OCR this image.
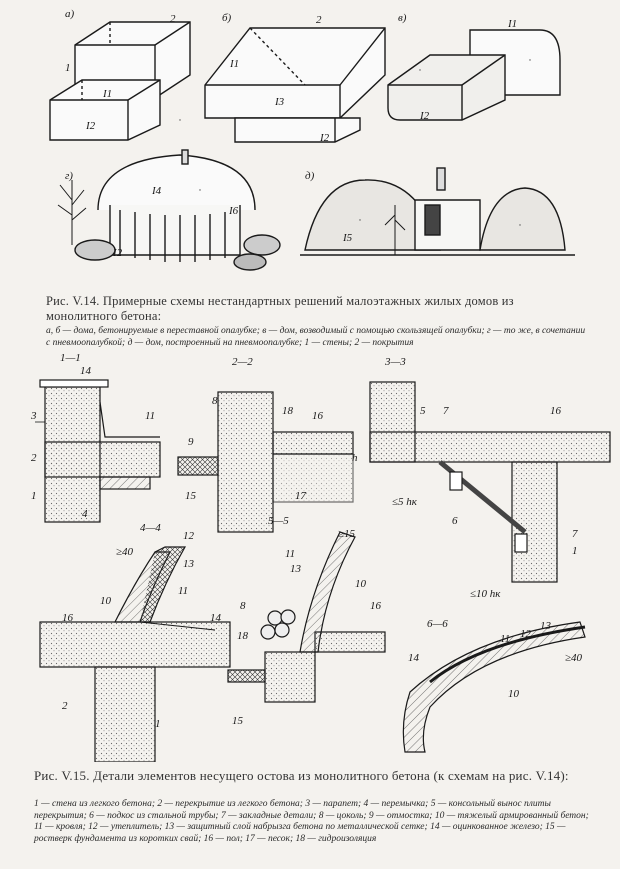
а)	б)	в)
г)	д)
2
1
І1
І2
2
І1
І3
І2
І1
І2
І4
І2
І6
І5
Рис. V.14. Примерные схемы нестандартных решений малоэтажных жилых домов из монолитного бетона:
а, б — дома, бетонируемые в переставной опалубке; в — дом, возводимый с помощью скользящей опалубки; г — то же, в сочетании с пневмоопалубкой; д — дом, построенный на пневмоопалубке; 1 — стены; 2 — покрытия
1—1	2—2	3—3
4—4
5—5
6—6
h
≤5 hк
≤10 hк
≥40
≥15
≥40
14
3	11
2
1
4
8
18 16
9
15	17
5 7	16
6
7
1
12
13
11
10
16	14
2
1
11
13
10
8	16
18
15
14
11 12
13
10
Рис. V.15. Детали элементов несущего остова из монолитного бетона (к схемам на рис. V.14):
1 — стена из легкого бетона; 2 — перекрытие из легкого бетона; 3 — парапет; 4 — перемычка; 5 — консольный вынос плиты перекрытия; 6 — подкос из стальной трубы; 7 — закладные детали; 8 — цоколь; 9 — отмостка; 10 — тяжелый армированный бетон; 11 — кровля; 12 — утеплитель; 13 — защитный слой набрызга бетона по металлической сетке; 14 — оцинкованное железо; 15 — ростверк фундамента из коротких свай; 16 — пол; 17 — песок; 18 — гидроизоляция
